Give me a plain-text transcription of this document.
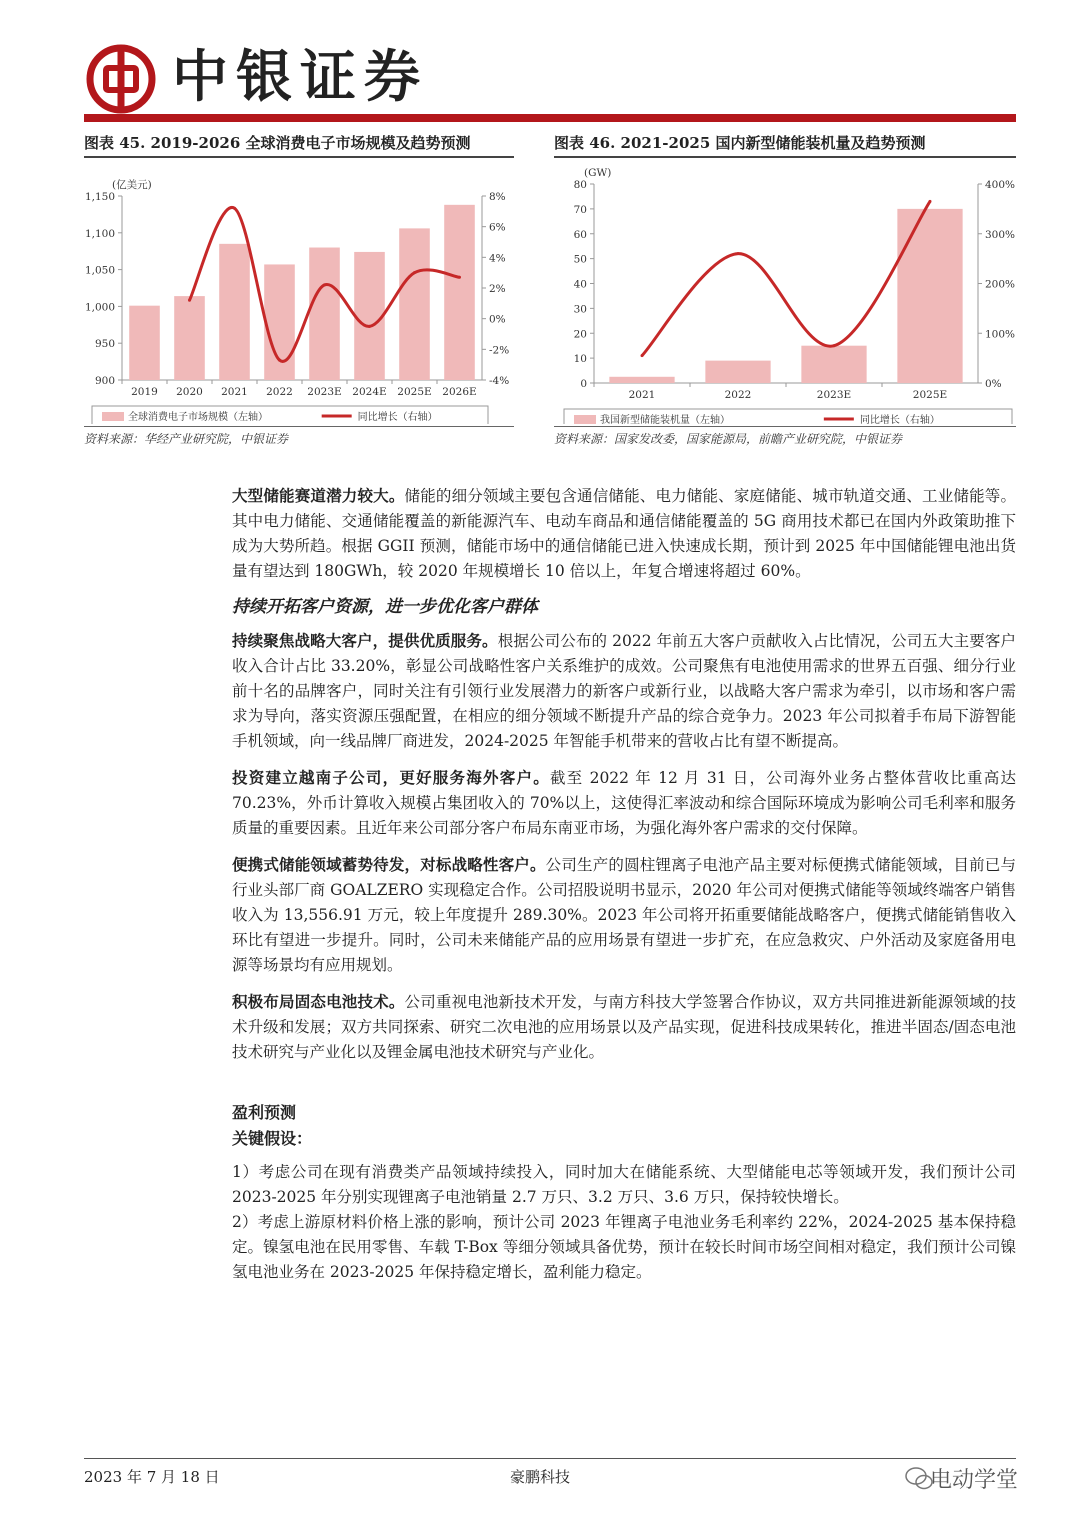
中银证券
图表 45. 2019-2026 全球消费电子市场规模及趋势预测
1,150
1,100
1,050
1,000
950
900
8%
6%
4%
2%
0%
-2%
-4%
(亿美元)
2019 2020 2021 2022 2023E 2024E 2025E 2026E
全球消费电子市场规模（左轴）	同比增长（右轴）
资料来源：华经产业研究院，中银证券
图表 46. 2021-2025 国内新型储能装机量及趋势预测
80
70
60
50
40
30
20
10
0
400%
300%
200%
100%
0%
(GW)
2021	2022	2023E	2025E
我国新型储能装机量（左轴）	同比增长（右轴）
资料来源：国家发改委，国家能源局，前瞻产业研究院，中银证券

大型储能赛道潜力较大。储能的细分领域主要包含通信储能、电力储能、家庭储能、城市轨道交通、工业储能等。其中电力储能、交通储能覆盖的新能源汽车、电动车商品和通信储能覆盖的 5G 商用技术都已在国内外政策助推下成为大势所趋。根据 GGII 预测，储能市场中的通信储能已进入快速成长期，预计到 2025 年中国储能锂电池出货量有望达到 180GWh，较 2020 年规模增长 10 倍以上，年复合增速将超过 60%。

持续开拓客户资源，进一步优化客户群体

持续聚焦战略大客户，提供优质服务。根据公司公布的 2022 年前五大客户贡献收入占比情况，公司五大主要客户收入合计占比 33.20%，彰显公司战略性客户关系维护的成效。公司聚焦有电池使用需求的世界五百强、细分行业前十名的品牌客户，同时关注有引领行业发展潜力的新客户或新行业，以战略大客户需求为牵引，以市场和客户需求为导向，落实资源压强配置，在相应的细分领域不断提升产品的综合竞争力。2023 年公司拟着手布局下游智能手机领域，向一线品牌厂商进发，2024-2025 年智能手机带来的营收占比有望不断提高。

投资建立越南子公司，更好服务海外客户。截至 2022 年 12 月 31 日，公司海外业务占整体营收比重高达 70.23%，外币计算收入规模占集团收入的 70%以上，这使得汇率波动和综合国际环境成为影响公司毛利率和服务质量的重要因素。且近年来公司部分客户布局东南亚市场，为强化海外客户需求的交付保障。

便携式储能领域蓄势待发，对标战略性客户。公司生产的圆柱锂离子电池产品主要对标便携式储能领域，目前已与行业头部厂商 GOALZERO 实现稳定合作。公司招股说明书显示，2020 年公司对便携式储能等领域终端客户销售收入为 13,556.91 万元，较上年度提升 289.30%。2023 年公司将开拓重要储能战略客户，便携式储能销售收入环比有望进一步提升。同时，公司未来储能产品的应用场景有望进一步扩充，在应急救灾、户外活动及家庭备用电源等场景均有应用规划。

积极布局固态电池技术。公司重视电池新技术开发，与南方科技大学签署合作协议，双方共同推进新能源领域的技术升级和发展；双方共同探索、研究二次电池的应用场景以及产品实现，促进科技成果转化，推进半固态/固态电池技术研究与产业化以及锂金属电池技术研究与产业化。

盈利预测
关键假设：

1）考虑公司在现有消费类产品领域持续投入，同时加大在储能系统、大型储能电芯等领域开发，我们预计公司 2023-2025 年分别实现锂离子电池销量 2.7 万只、3.2 万只、3.6 万只，保持较快增长。

2）考虑上游原材料价格上涨的影响，预计公司 2023 年锂离子电池业务毛利率约 22%，2024-2025 基本保持稳定。镍氢电池在民用零售、车载 T-Box 等细分领域具备优势，预计在较长时间市场空间相对稳定，我们预计公司镍氢电池业务在 2023-2025 年保持稳定增长，盈利能力稳定。

2023 年 7 月 18 日	豪鹏科技	电动学堂
